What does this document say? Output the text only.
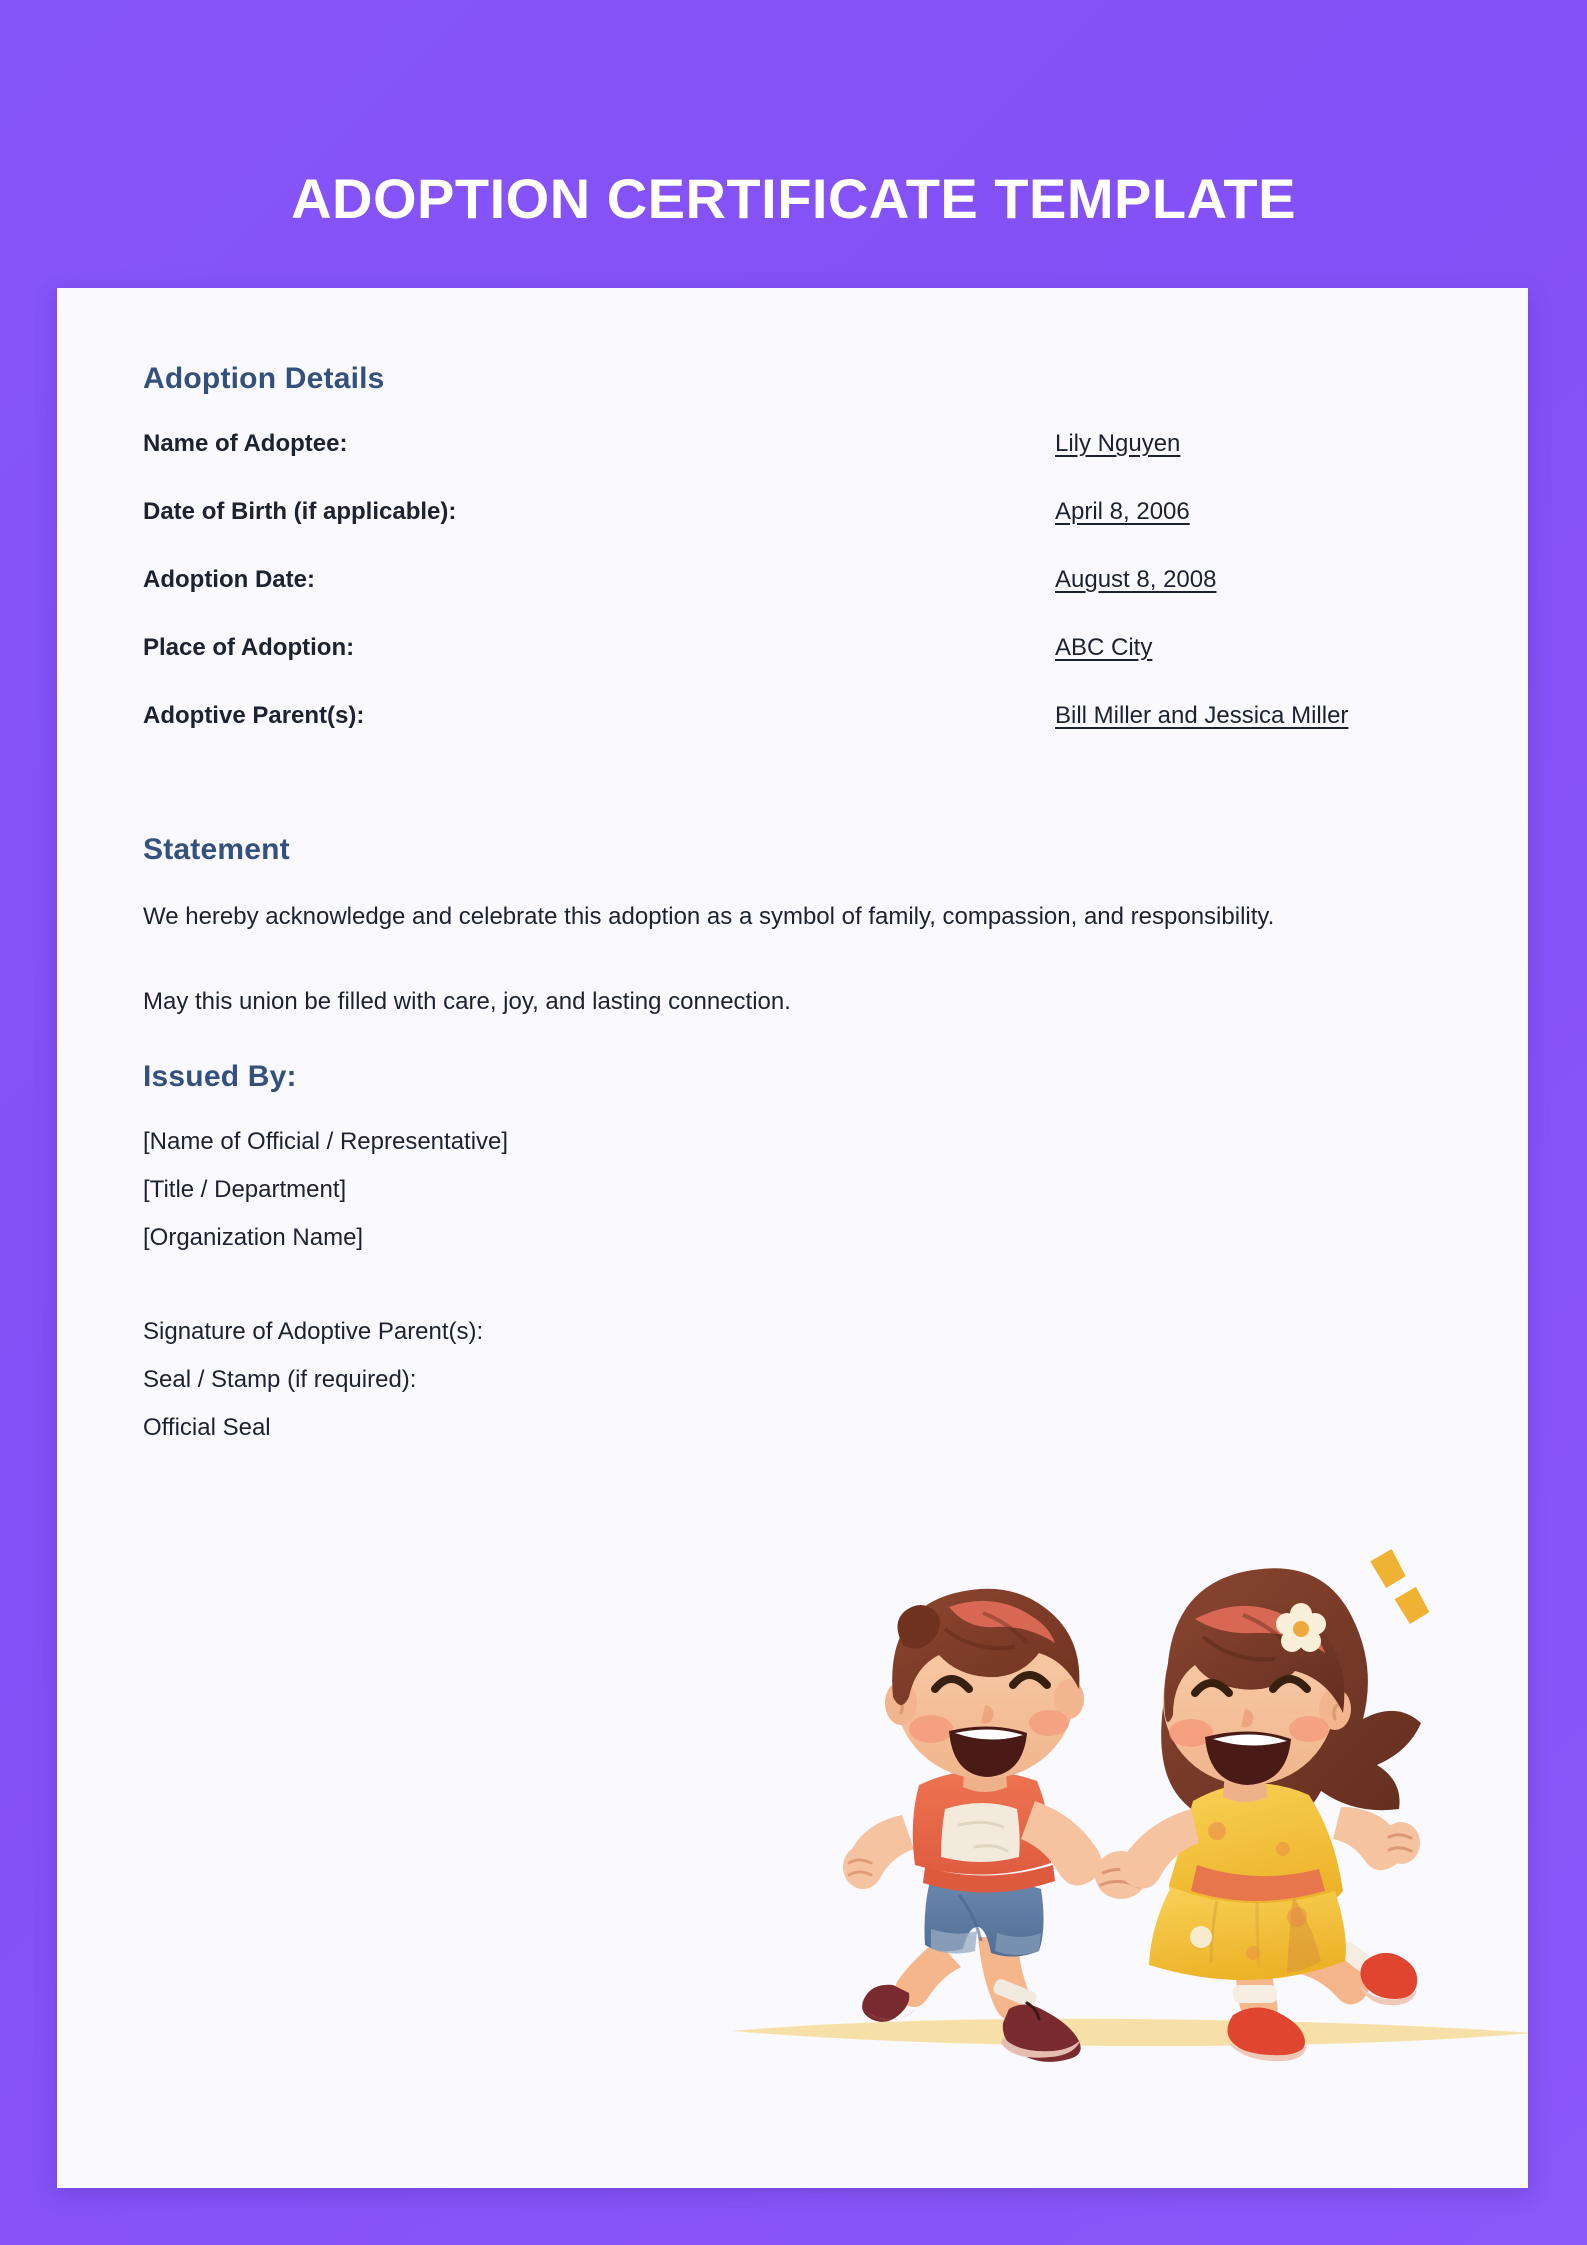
ADOPTION CERTIFICATE TEMPLATE
Adoption Details
Name of Adoptee:	Lily Nguyen
Date of Birth (if applicable):	April 8, 2006
Adoption Date:	August 8, 2008
Place of Adoption:	ABC City
Adoptive Parent(s):	Bill Miller and Jessica Miller
Statement
We hereby acknowledge and celebrate this adoption as a symbol of family, compassion, and responsibility.
May this union be filled with care, joy, and lasting connection.
Issued By:
[Name of Official / Representative]
[Title / Department]
[Organization Name]
Signature of Adoptive Parent(s):
Seal / Stamp (if required):
Official Seal
